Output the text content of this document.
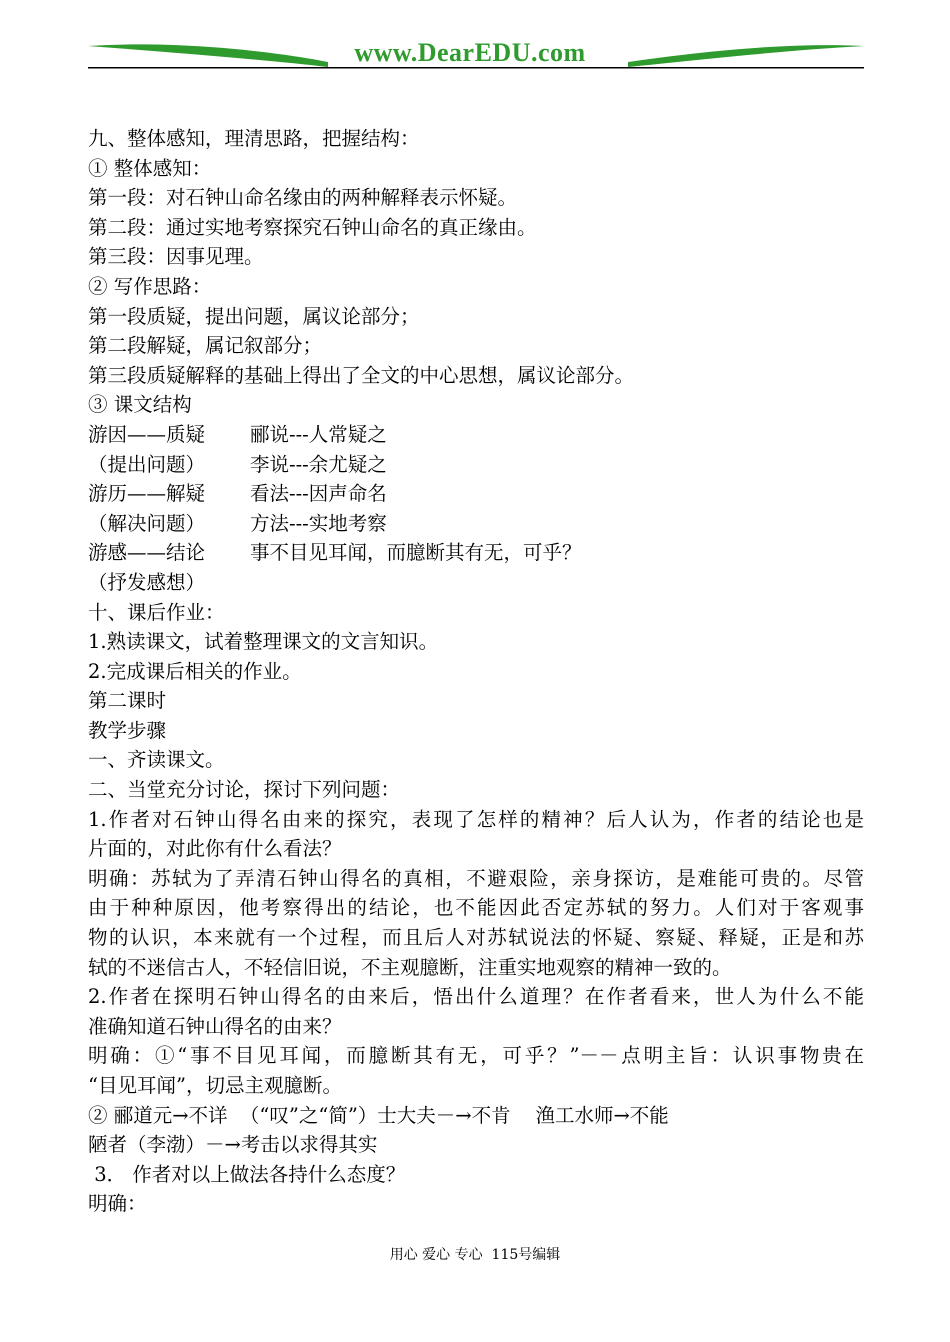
www.DearEDU.com
九、整体感知，理清思路，把握结构：
① 整体感知：
第一段：对石钟山命名缘由的两种解释表示怀疑。
第二段：通过实地考察探究石钟山命名的真正缘由。
第三段：因事见理。
② 写作思路：
第一段质疑，提出问题，属议论部分；
第二段解疑，属记叙部分；
第三段质疑解释的基础上得出了全文的中心思想，属议论部分。
③ 课文结构
游因——质疑	郦说---人常疑之
（提出问题）	李说---余尤疑之
游历——解疑	看法---因声命名
（解决问题）	方法---实地考察
游感——结论	事不目见耳闻，而臆断其有无，可乎？
（抒发感想）
十、课后作业：
1.熟读课文，试着整理课文的文言知识。
2.完成课后相关的作业。
第二课时
教学步骤
一、齐读课文。
二、当堂充分讨论，探讨下列问题：
1.作者对石钟山得名由来的探究，表现了怎样的精神？后人认为，作者的结论也是
片面的，对此你有什么看法？
明确：苏轼为了弄清石钟山得名的真相，不避艰险，亲身探访，是难能可贵的。尽管
由于种种原因，他考察得出的结论，也不能因此否定苏轼的努力。人们对于客观事
物的认识，本来就有一个过程，而且后人对苏轼说法的怀疑、察疑、释疑，正是和苏
轼的不迷信古人，不轻信旧说，不主观臆断，注重实地观察的精神一致的。
2.作者在探明石钟山得名的由来后，悟出什么道理？在作者看来，世人为什么不能
准确知道石钟山得名的由来？
明确：①“事不目见耳闻，而臆断其有无，可乎？”－－点明主旨：认识事物贵在
“目见耳闻”，切忌主观臆断。
② 郦道元→不详  （“叹”之“简”）士大夫－→不肯    渔工水师→不能
陋者（李渤）－→考击以求得其实
3． 作者对以上做法各持什么态度？
明确：
用心 爱心 专心  115号编辑
